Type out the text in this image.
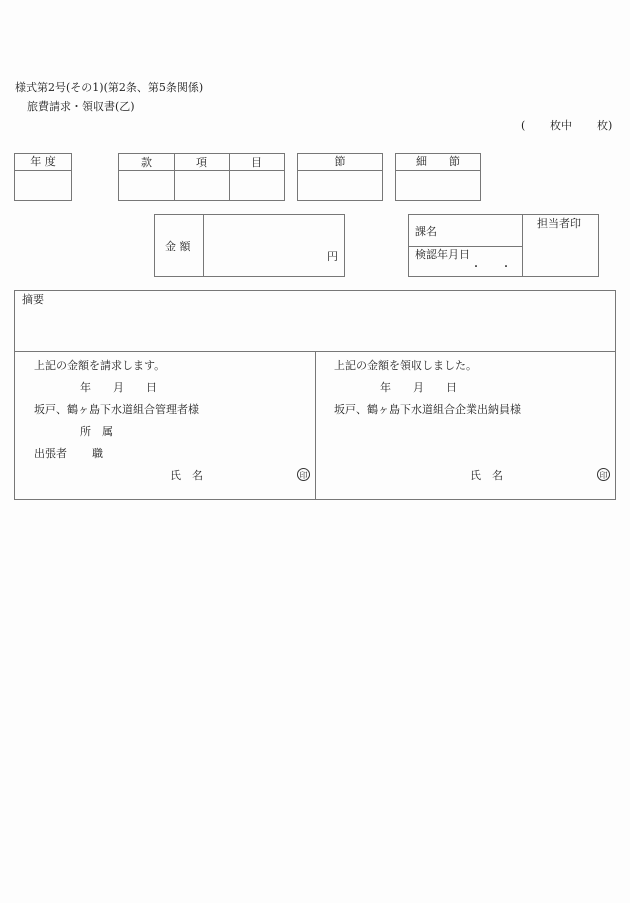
様式第2号(その1)(第2条、第5条関係)
旅費請求・領収書(乙)
( 枚中 枚)
年 度	款	項	目	節	細　　節
金 額
円
課名
検認年月日
・　　・
担当者印
摘要
上記の金額を請求します。
年　　月　　日
坂戸、鶴ヶ島下水道組合管理者様
所　属
出張者 職
氏　名	印
上記の金額を領収しました。
年　　月　　日
坂戸、鶴ヶ島下水道組合企業出納員様
氏　名	印
